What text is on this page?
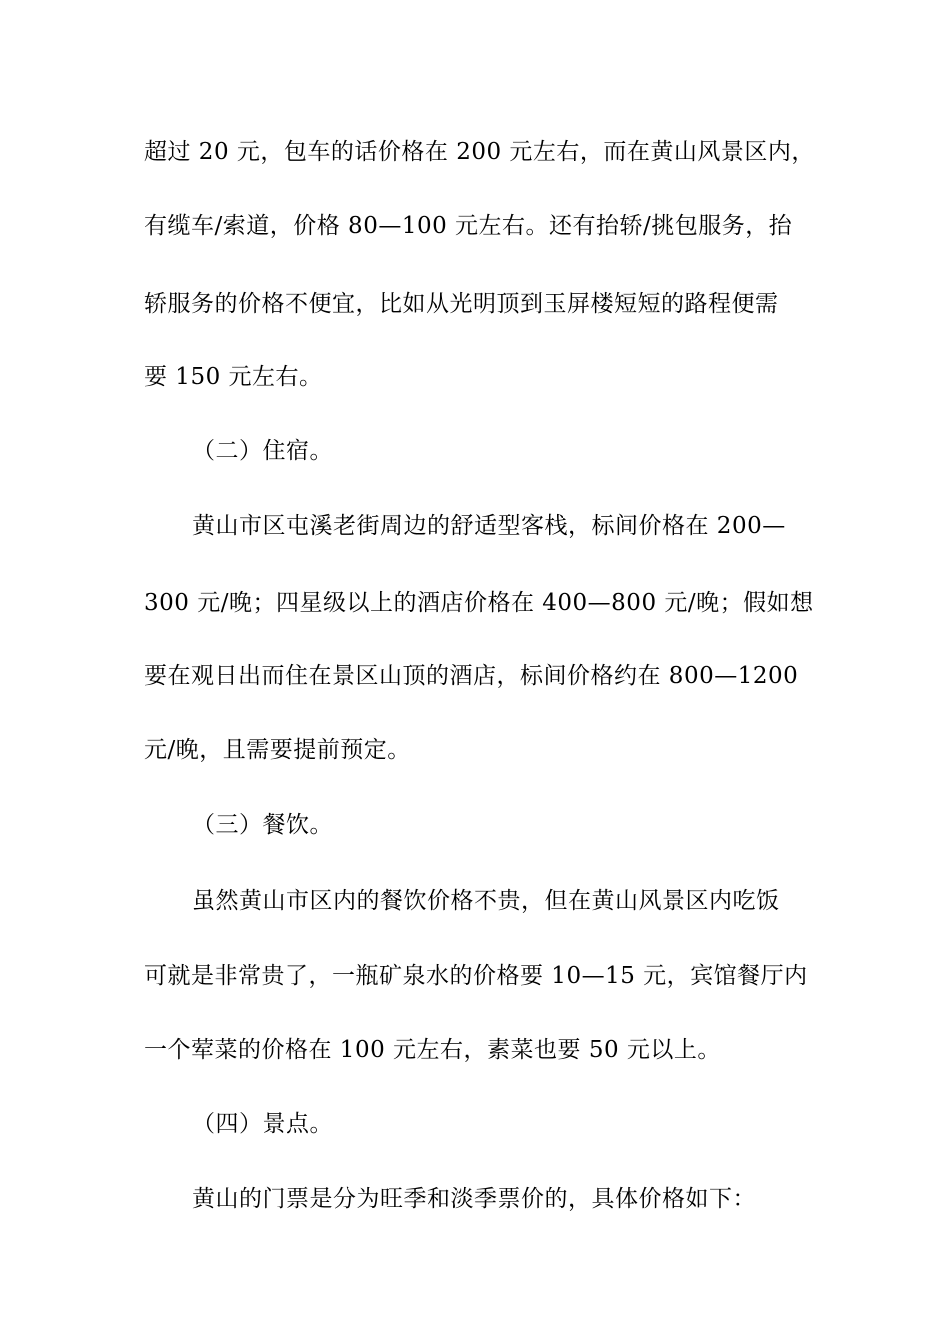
超过 20 元，包车的话价格在 200 元左右，而在黄山风景区内，
有缆车/索道，价格 80—100 元左右。还有抬轿/挑包服务，抬
轿服务的价格不便宜，比如从光明顶到玉屏楼短短的路程便需
要 150 元左右。
（二）住宿。
黄山市区屯溪老街周边的舒适型客栈，标间价格在 200—
300 元/晚；四星级以上的酒店价格在 400—800 元/晚；假如想
要在观日出而住在景区山顶的酒店，标间价格约在 800—1200
元/晚，且需要提前预定。
（三）餐饮。
虽然黄山市区内的餐饮价格不贵，但在黄山风景区内吃饭
可就是非常贵了，一瓶矿泉水的价格要 10—15 元，宾馆餐厅内
一个荤菜的价格在 100 元左右，素菜也要 50 元以上。
（四）景点。
黄山的门票是分为旺季和淡季票价的，具体价格如下：
